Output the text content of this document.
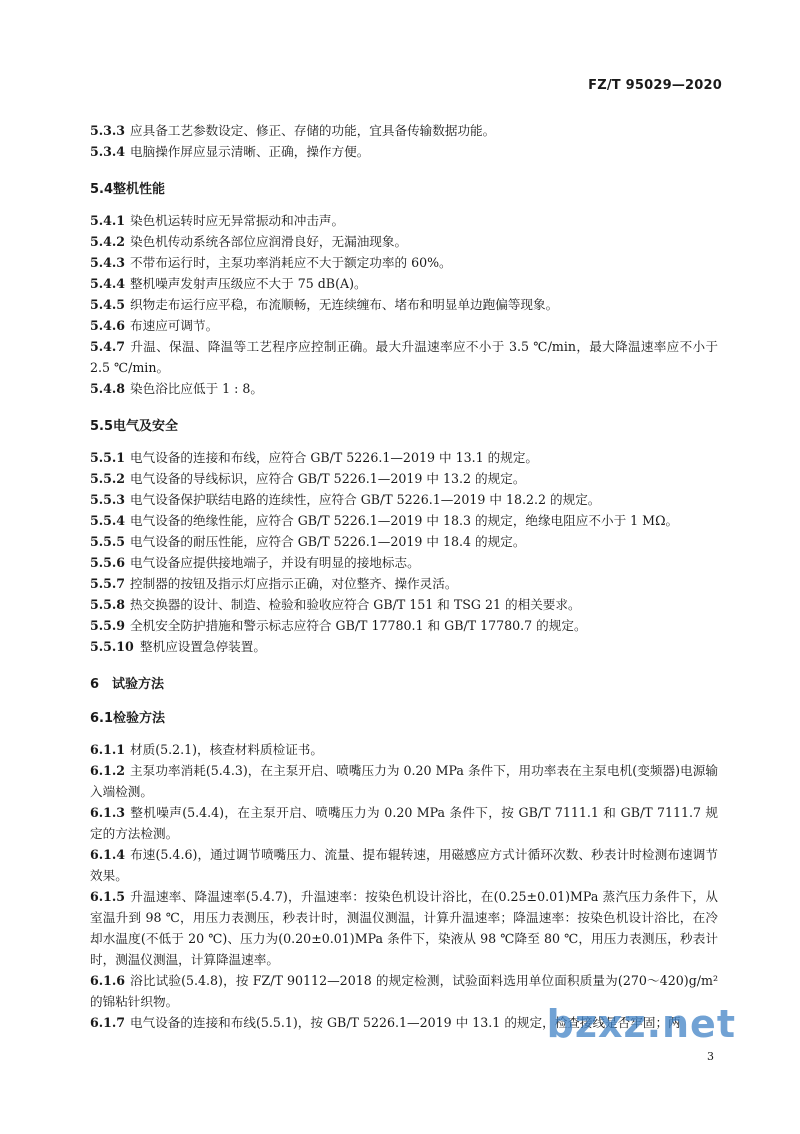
FZ/T 95029—2020

5.3.3 应具备工艺参数设定、修正、存储的功能，宜具备传输数据功能。

5.3.4 电脑操作屏应显示清晰、正确，操作方便。

5.4整机性能

5.4.1 染色机运转时应无异常振动和冲击声。

5.4.2 染色机传动系统各部位应润滑良好，无漏油现象。

5.4.3 不带布运行时，主泵功率消耗应不大于额定功率的 60%。

5.4.4 整机噪声发射声压级应不大于 75 dB(A)。

5.4.5 织物走布运行应平稳，布流顺畅，无连续缠布、堵布和明显单边跑偏等现象。

5.4.6 布速应可调节。

5.4.7 升温、保温、降温等工艺程序应控制正确。最大升温速率应不小于 3.5 ℃/min，最大降温速率应不小于 2.5 ℃/min。

5.4.8 染色浴比应低于 1 : 8。

5.5电气及安全

5.5.1 电气设备的连接和布线，应符合 GB/T 5226.1—2019 中 13.1 的规定。

5.5.2 电气设备的导线标识，应符合 GB/T 5226.1—2019 中 13.2 的规定。

5.5.3 电气设备保护联结电路的连续性，应符合 GB/T 5226.1—2019 中 18.2.2 的规定。

5.5.4 电气设备的绝缘性能，应符合 GB/T 5226.1—2019 中 18.3 的规定，绝缘电阻应不小于 1 MΩ。

5.5.5 电气设备的耐压性能，应符合 GB/T 5226.1—2019 中 18.4 的规定。

5.5.6 电气设备应提供接地端子，并设有明显的接地标志。

5.5.7 控制器的按钮及指示灯应指示正确，对位整齐、操作灵活。

5.5.8 热交换器的设计、制造、检验和验收应符合 GB/T 151 和 TSG 21 的相关要求。

5.5.9 全机安全防护措施和警示标志应符合 GB/T 17780.1 和 GB/T 17780.7 的规定。

5.5.10 整机应设置急停装置。

6 试验方法

6.1检验方法

6.1.1 材质(5.2.1)，核查材料质检证书。

6.1.2 主泵功率消耗(5.4.3)，在主泵开启、喷嘴压力为 0.20 MPa 条件下，用功率表在主泵电机(变频器)电源输入端检测。

6.1.3 整机噪声(5.4.4)，在主泵开启、喷嘴压力为 0.20 MPa 条件下，按 GB/T 7111.1 和 GB/T 7111.7 规定的方法检测。

6.1.4 布速(5.4.6)，通过调节喷嘴压力、流量、提布辊转速，用磁感应方式计循环次数、秒表计时检测布速调节效果。

6.1.5 升温速率、降温速率(5.4.7)，升温速率：按染色机设计浴比，在(0.25±0.01)MPa 蒸汽压力条件下，从室温升到 98 ℃，用压力表测压，秒表计时，测温仪测温，计算升温速率；降温速率：按染色机设计浴比，在冷却水温度(不低于 20 ℃)、压力为(0.20±0.01)MPa 条件下，染液从 98 ℃降至 80 ℃，用压力表测压，秒表计时，测温仪测温，计算降温速率。

6.1.6 浴比试验(5.4.8)，按 FZ/T 90112—2018 的规定检测，试验面料选用单位面积质量为(270～420)g/m² 的锦粘针织物。

6.1.7 电气设备的连接和布线(5.5.1)，按 GB/T 5226.1—2019 中 13.1 的规定，检查接线是否牢固；两

bzxz.net
3
